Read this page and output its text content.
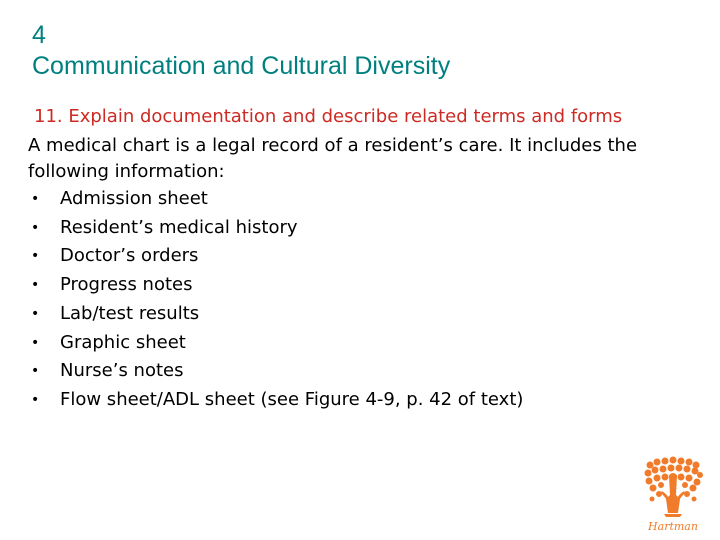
4
Communication and Cultural Diversity

11. Explain documentation and describe related terms and forms

A medical chart is a legal record of a resident’s care. It includes the following information:

• Admission sheet
• Resident’s medical history
• Doctor’s orders
• Progress notes
• Lab/test results
• Graphic sheet
• Nurse’s notes
• Flow sheet/ADL sheet (see Figure 4-9, p. 42 of text)
Hartman
